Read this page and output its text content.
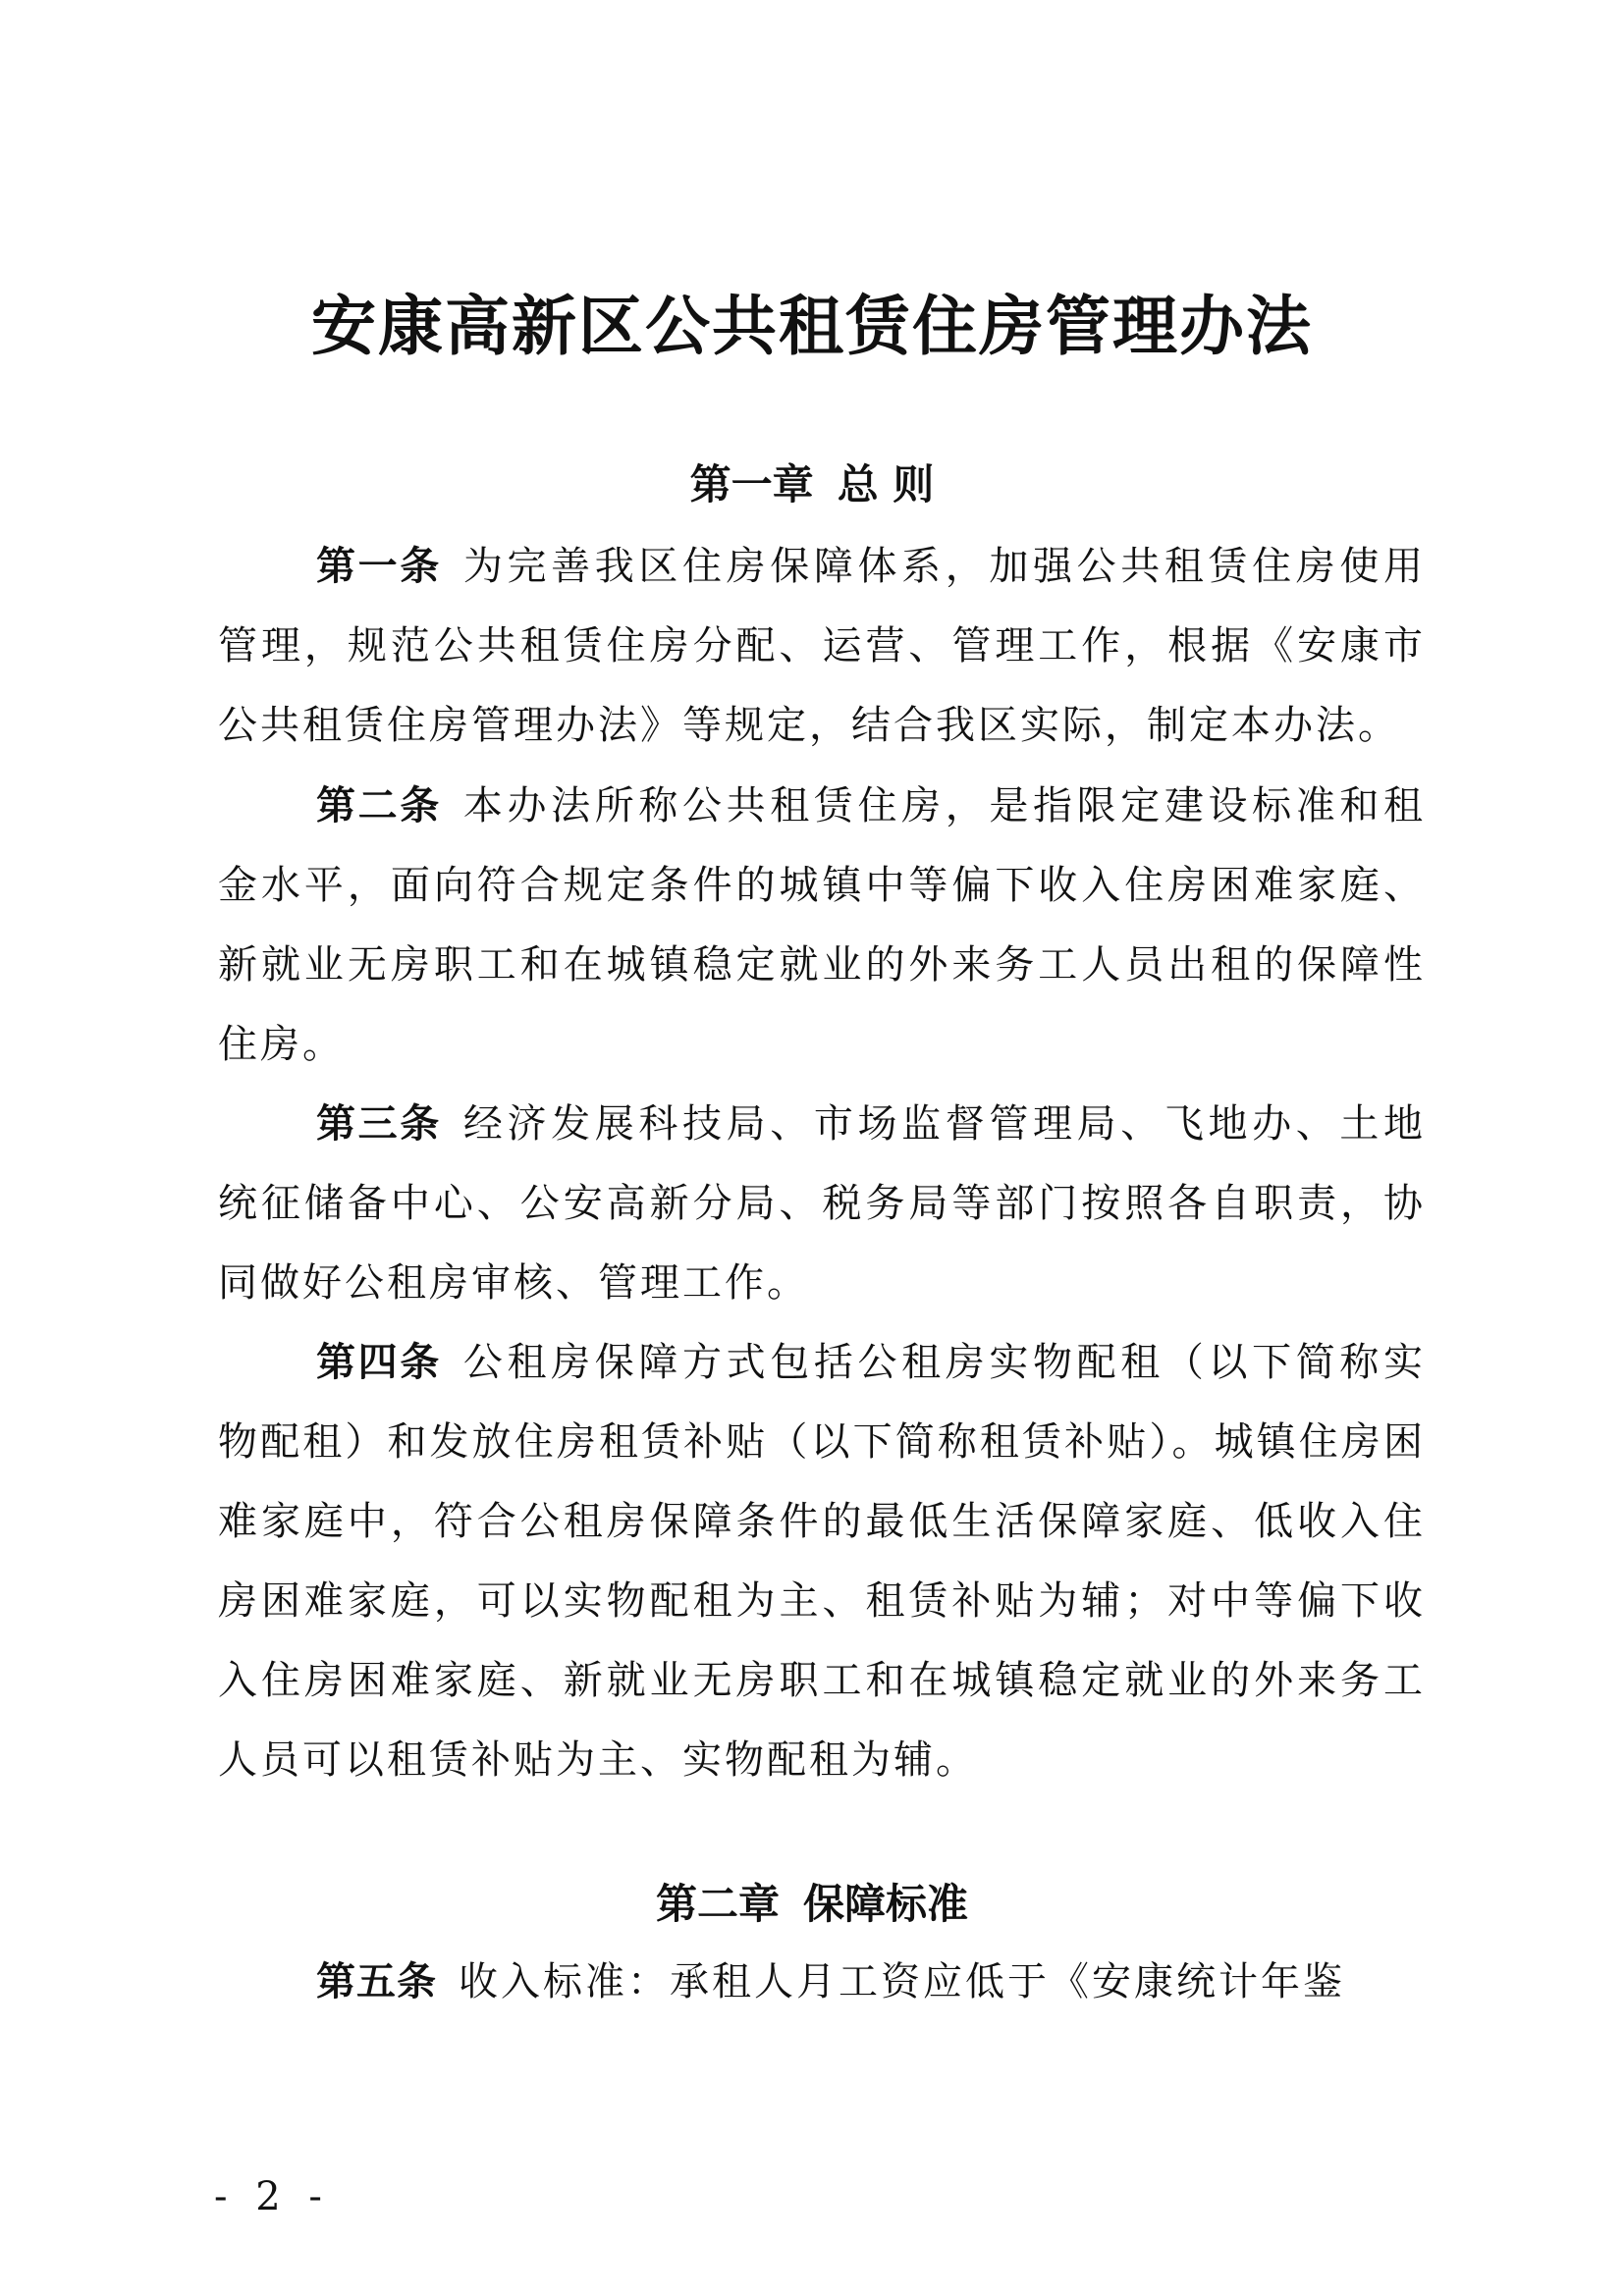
安康高新区公共租赁住房管理办法
第一章 总 则
第一条 为完善我区住房保障体系，加强公共租赁住房使用管理，规范公共租赁住房分配、运营、管理工作，根据《安康市公共租赁住房管理办法》等规定，结合我区实际，制定本办法。
第二条 本办法所称公共租赁住房，是指限定建设标准和租金水平，面向符合规定条件的城镇中等偏下收入住房困难家庭、新就业无房职工和在城镇稳定就业的外来务工人员出租的保障性住房。
第三条 经济发展科技局、市场监督管理局、飞地办、土地统征储备中心、公安高新分局、税务局等部门按照各自职责，协同做好公租房审核、管理工作。
第四条 公租房保障方式包括公租房实物配租（以下简称实物配租）和发放住房租赁补贴（以下简称租赁补贴）。城镇住房困难家庭中，符合公租房保障条件的最低生活保障家庭、低收入住房困难家庭，可以实物配租为主、租赁补贴为辅；对中等偏下收入住房困难家庭、新就业无房职工和在城镇稳定就业的外来务工人员可以租赁补贴为主、实物配租为辅。
第二章 保障标准
第五条 收入标准：承租人月工资应低于《安康统计年鉴
- 2 -
